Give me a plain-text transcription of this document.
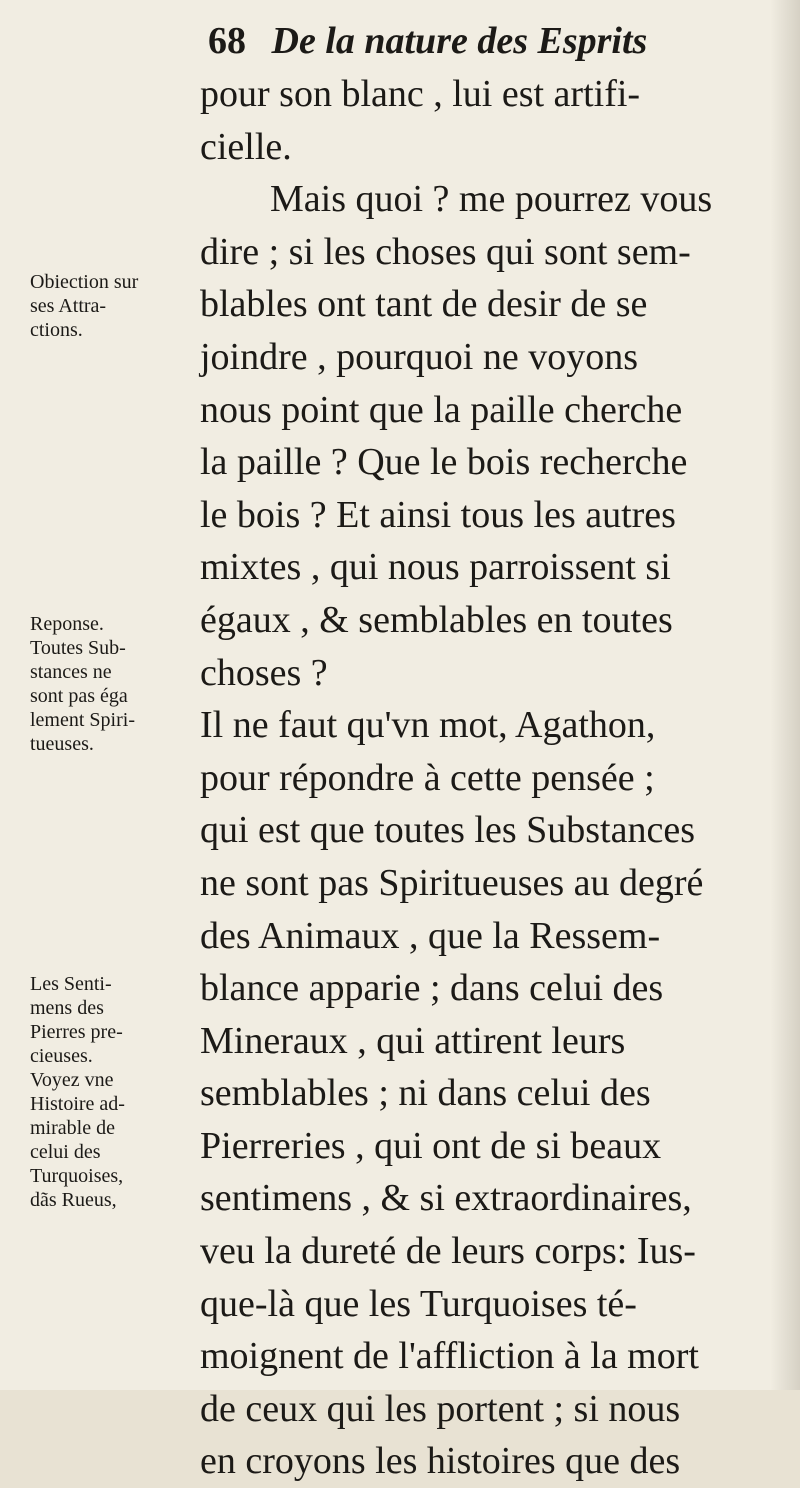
68 De la nature des Esprits
pour son blanc , lui est artifi-
cielle.
Mais quoi ? me pourrez vous
dire ; si les choses qui sont sem-
blables ont tant de desir de se
joindre , pourquoi ne voyons
nous point que la paille cherche
la paille ? Que le bois recherche
le bois ? Et ainsi tous les autres
mixtes , qui nous parroissent si
égaux , & semblables en toutes
choses ?
Il ne faut qu'vn mot, Agathon,
pour répondre à cette pensée ;
qui est que toutes les Substances
ne sont pas Spiritueuses au degré
des Animaux , que la Ressem-
blance apparie ; dans celui des
Mineraux , qui attirent leurs
semblables ; ni dans celui des
Pierreries , qui ont de si beaux
sentimens , & si extraordinaires,
veu la dureté de leurs corps: Ius-
que-là que les Turquoises té-
moignent de l'affliction à la mort
de ceux qui les portent ; si nous
en croyons les histoires que des
Obiection sur
ses Attra-
ctions.
Reponse.
Toutes Sub-
stances ne
sont pas éga
lement Spiri-
tueuses.
Les Senti-
mens des
Pierres pre-
cieuses.
Voyez vne
Histoire ad-
mirable de
celui des
Turquoises,
dãs Rueus,
